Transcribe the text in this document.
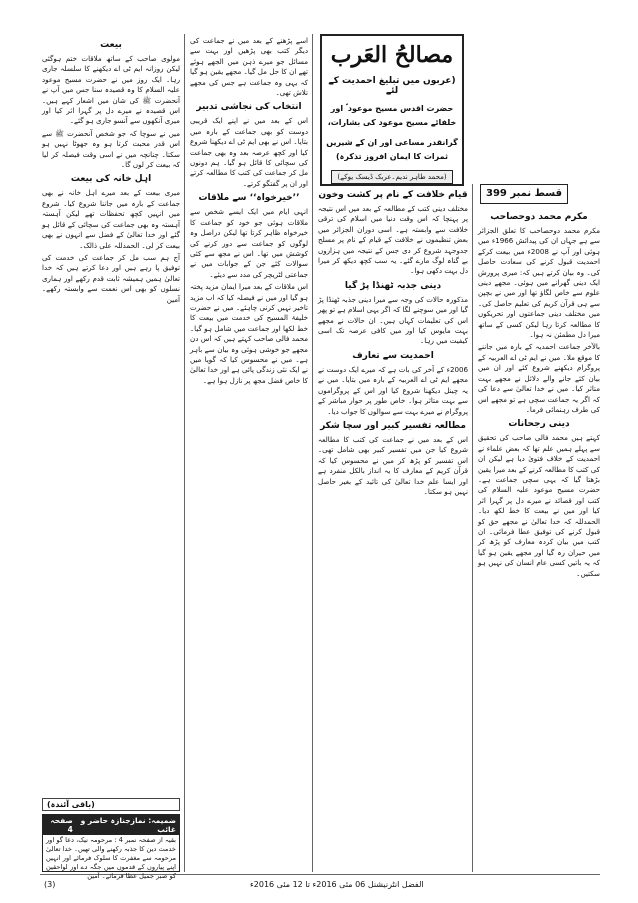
مصالحُ العَرب
(عربوں میں تبلیغ احمدیت کے لئے
حضرت اقدس مسیح موعود ؑ اور خلفائے مسیح موعود کی بشارات،
گرانقدر مساعی اور ان کے شیریں ثمرات کا ایمان افروز تذکرہ)
(محمد طاہر ندیم۔عربک ڈیسک یوکے)
قسط نمبر 399
مکرم محمد دوحصاحب

مکرم محمد دوحصاحب کا تعلق الجزائر سے ہے جہاں ان کی پیدائش 1966ء میں ہوئی اور آپ نے 2008ء میں بیعت کرکے احمدیت قبول کرنے کی سعادت حاصل کی۔ وہ بیان کرتے ہیں کہ: میری پرورش ایک دینی گھرانے میں ہوئی۔ مجھے دینی علوم سے خاص لگاؤ تھا اور میں نے بچپن سے ہی قرآن کریم کی تعلیم حاصل کی۔ میں مختلف دینی جماعتوں اور تحریکوں کا مطالعہ کرتا رہا لیکن کسی کے ساتھ میرا دل مطمئن نہ ہوا۔

بالآخر جماعت احمدیہ کے بارہ میں جاننے کا موقع ملا۔ میں نے ایم ٹی اے العربیہ کے پروگرام دیکھنے شروع کئے اور ان میں بیان کئے جانے والے دلائل نے مجھے بہت متاثر کیا۔ میں نے خدا تعالیٰ سے دعا کی کہ اگر یہ جماعت سچی ہے تو مجھے اس کی طرف رہنمائی فرما۔

دینی رجحانات

کہتے ہیں محمد فالی صاحب کی تحقیق سے پہلے ہمیں علم تھا کہ بعض علماء نے احمدیت کے خلاف فتویٰ دیا ہے لیکن ان کی کتب کا مطالعہ کرنے کے بعد میرا یقین بڑھتا گیا کہ یہی سچی جماعت ہے۔ حضرت مسیح موعود علیہ السلام کی کتب اور قصائد نے میرے دل پر گہرا اثر کیا اور میں نے بیعت کا خط لکھ دیا۔ الحمدللہ کہ خدا تعالیٰ نے مجھے حق کو قبول کرنے کی توفیق عطا فرمائی۔ ان کتب میں بیان کردہ معارف کو پڑھ کر میں حیران رہ گیا اور مجھے یقین ہو گیا کہ یہ باتیں کسی عام انسان کی نہیں ہو سکتیں۔

قیام خلافت کے نام پر کشت وخون

مختلف دینی کتب کے مطالعہ کے بعد میں اس نتیجہ پر پہنچا کہ اس وقت دنیا میں اسلام کی ترقی خلافت سے وابستہ ہے۔ اسی دوران الجزائر میں بعض تنظیموں نے خلافت کے قیام کے نام پر مسلح جدوجہد شروع کر دی جس کے نتیجہ میں ہزاروں بے گناہ لوگ مارے گئے۔ یہ سب کچھ دیکھ کر میرا دل بہت دکھی ہوا۔

دینی جذبہ ٹھنڈا پڑ گیا

مذکورہ حالات کی وجہ سے میرا دینی جذبہ ٹھنڈا پڑ گیا اور میں سوچنے لگا کہ اگر یہی اسلام ہے تو پھر اس کی تعلیمات کہاں ہیں۔ ان حالات نے مجھے بہت مایوس کیا اور میں کافی عرصہ تک اسی کیفیت میں رہا۔

احمدیت سے تعارف

2006ء کے آخر کی بات ہے کہ میرے ایک دوست نے مجھے ایم ٹی اے العربیہ کے بارہ میں بتایا۔ میں نے یہ چینل دیکھنا شروع کیا اور اس کے پروگراموں سے بہت متاثر ہوا۔ خاص طور پر حوار مباشر کے پروگرام نے میرے بہت سے سوالوں کا جواب دیا۔

مطالعہ تفسیر کبیر اور سچا شکر

اس کے بعد میں نے جماعت کی کتب کا مطالعہ شروع کیا جن میں تفسیر کبیر بھی شامل تھی۔ اس تفسیر کو پڑھ کر میں نے محسوس کیا کہ قرآن کریم کے معارف کا یہ انداز بالکل منفرد ہے اور ایسا علم خدا تعالیٰ کی تائید کے بغیر حاصل نہیں ہو سکتا۔

اسے پڑھنے کے بعد میں نے جماعت کی دیگر کتب بھی پڑھیں اور بہت سے مسائل جو میرے ذہن میں الجھے ہوئے تھے ان کا حل مل گیا۔ مجھے یقین ہو گیا کہ یہی وہ جماعت ہے جس کی مجھے تلاش تھی۔

انتخاب کی نجاشی تدبیر

اس کے بعد میں نے اپنے ایک قریبی دوست کو بھی جماعت کے بارہ میں بتایا۔ اس نے بھی ایم ٹی اے دیکھنا شروع کیا اور کچھ عرصہ بعد وہ بھی جماعت کی سچائی کا قائل ہو گیا۔ ہم دونوں مل کر جماعت کی کتب کا مطالعہ کرتے اور ان پر گفتگو کرتے۔

’’خیرخواہ‘‘ سے ملاقات

انہی ایام میں ایک ایسے شخص سے ملاقات ہوئی جو خود کو جماعت کا خیرخواہ ظاہر کرتا تھا لیکن دراصل وہ لوگوں کو جماعت سے دور کرنے کی کوشش میں تھا۔ اس نے مجھ سے کئی سوالات کئے جن کے جوابات میں نے جماعتی لٹریچر کی مدد سے دیئے۔

اس ملاقات کے بعد میرا ایمان مزید پختہ ہو گیا اور میں نے فیصلہ کیا کہ اب مزید تاخیر نہیں کرنی چاہئے۔ میں نے حضرت خلیفۃ المسیح کی خدمت میں بیعت کا خط لکھا اور جماعت میں شامل ہو گیا۔ محمد فالی صاحب کہتے ہیں کہ اس دن مجھے جو خوشی ہوئی وہ بیان سے باہر ہے۔ میں نے محسوس کیا کہ گویا میں نے ایک نئی زندگی پائی ہے اور خدا تعالیٰ کا خاص فضل مجھ پر نازل ہوا ہے۔

بیعت

مولوی صاحب کے ساتھ ملاقات ختم ہوگئی لیکن روزانہ ایم ٹی اے دیکھنے کا سلسلہ جاری رہا۔ ایک روز میں نے حضرت مسیح موعود علیہ السلام کا وہ قصیدہ سنا جس میں آپ نے آنحضرت ﷺ کی شان میں اشعار کہے ہیں۔ اس قصیدہ نے میرے دل پر گہرا اثر کیا اور میری آنکھوں سے آنسو جاری ہو گئے۔

میں نے سوچا کہ جو شخص آنحضرت ﷺ سے اس قدر محبت کرتا ہو وہ جھوٹا نہیں ہو سکتا۔ چنانچہ میں نے اسی وقت فیصلہ کر لیا کہ بیعت کر لوں گا۔

اہل خانہ کی بیعت

میری بیعت کے بعد میرے اہل خانہ نے بھی جماعت کے بارہ میں جاننا شروع کیا۔ شروع میں انہیں کچھ تحفظات تھے لیکن آہستہ آہستہ وہ بھی جماعت کی سچائی کے قائل ہو گئے اور خدا تعالیٰ کے فضل سے انہوں نے بھی بیعت کر لی۔ الحمدللہ علی ذالک۔

آج ہم سب مل کر جماعت کی خدمت کی توفیق پا رہے ہیں اور دعا کرتے ہیں کہ خدا تعالیٰ ہمیں ہمیشہ ثابت قدم رکھے اور ہماری نسلوں کو بھی اس نعمت سے وابستہ رکھے۔ آمین

(باقی آئندہ)
ضمیمہ: نمازجنازہ حاضر و غائب
صفحہ 4
بقیہ از صفحہ نمبر 4 : مرحومہ نیک، دعا گو اور خدمت دین کا جذبہ رکھنے والی تھیں۔ خدا تعالیٰ مرحومہ سے مغفرت کا سلوک فرمائے اور انہیں اپنے پیاروں کے قدموں میں جگہ دے اور لواحقین کو صبر جمیل عطا فرمائے۔ آمین
الفضل انٹرنیشنل 06 مئی 2016ء تا 12 مئی 2016ء
(3)
